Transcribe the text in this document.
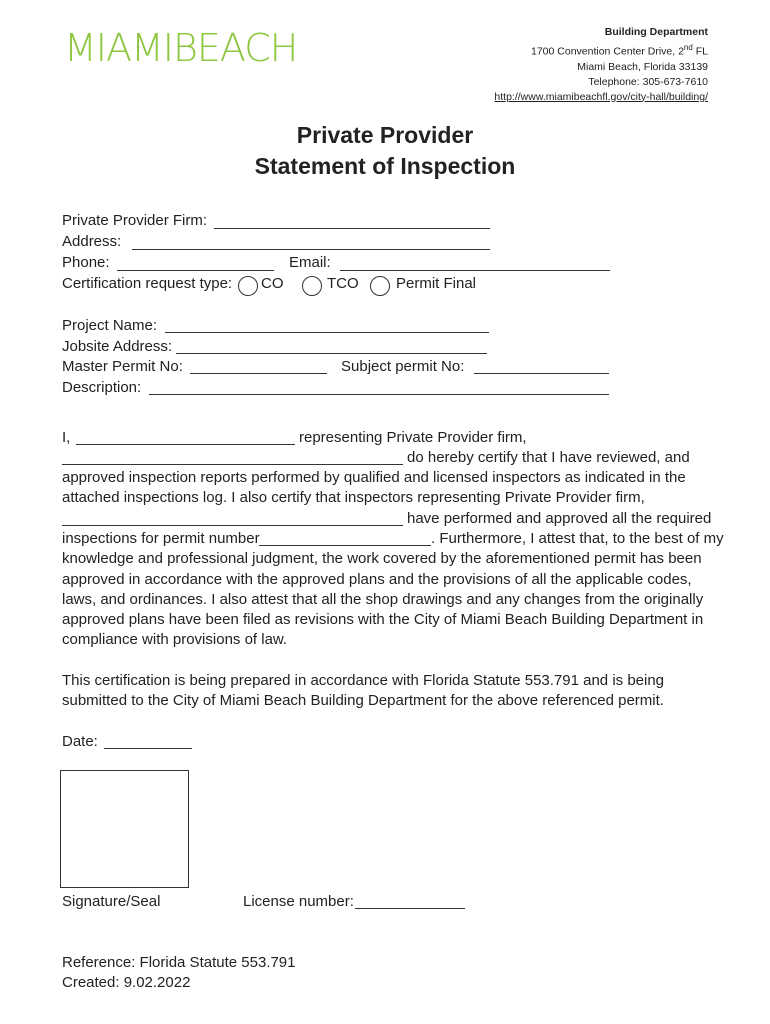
MIAMIBEACH	Building Department
1700 Convention Center Drive, 2nd FL
Miami Beach, Florida 33139
Telephone: 305-673-7610
http://www.miamibeachfl.gov/city-hall/building/
Private Provider
Statement of Inspection
Private Provider Firm:
Address:
Phone:	Email:
Certification request type: CO	TCO Permit Final
Project Name:
Jobsite Address:
Master Permit No:	Subject permit No:
Description:
I,	representing Private Provider firm,
do hereby certify that I have reviewed, and
approved inspection reports performed by qualified and licensed inspectors as indicated in the
attached inspections log. I also certify that inspectors representing Private Provider firm,
have performed and approved all the required
inspections for permit number	. Furthermore, I attest that, to the best of my
knowledge and professional judgment, the work covered by the aforementioned permit has been
approved in accordance with the approved plans and the provisions of all the applicable codes,
laws, and ordinances. I also attest that all the shop drawings and any changes from the originally
approved plans have been filed as revisions with the City of Miami Beach Building Department in
compliance with provisions of law.
This certification is being prepared in accordance with Florida Statute 553.791 and is being
submitted to the City of Miami Beach Building Department for the above referenced permit.
Date:
Signature/Seal	License number:
Reference: Florida Statute 553.791
Created: 9.02.2022
